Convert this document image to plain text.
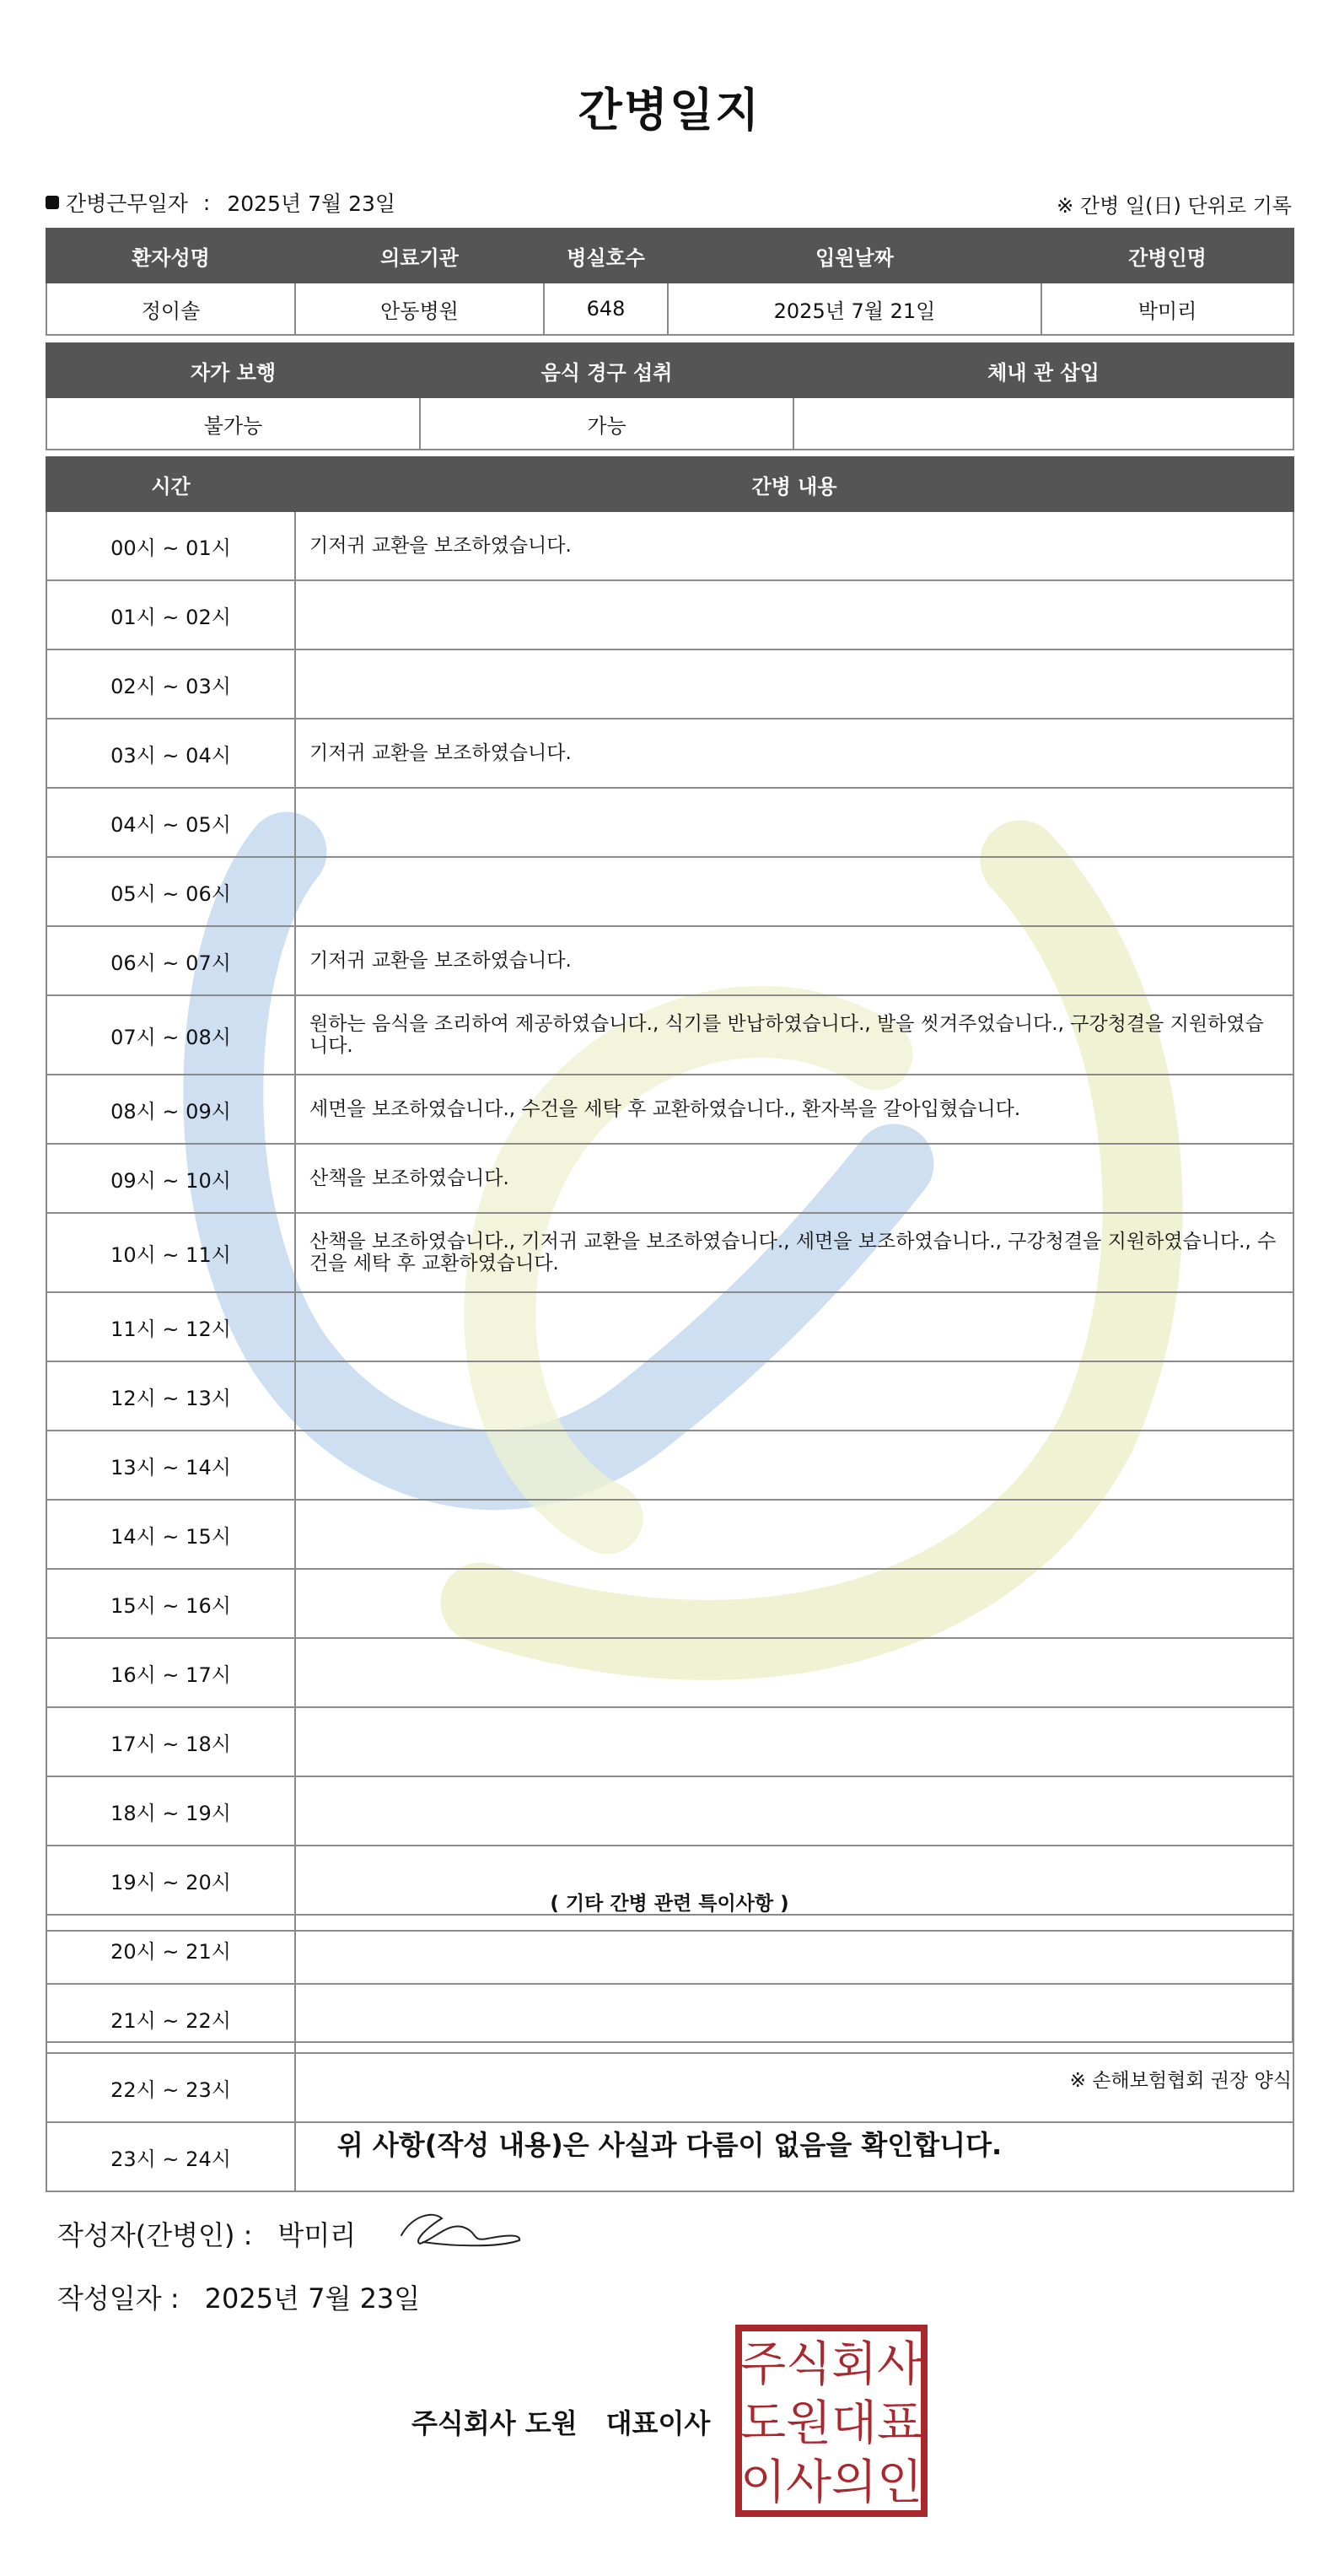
간병일지
간병근무일자 : 2025년 7월 23일	※ 간병 일(日) 단위로 기록
환자성명	의료기관	병실호수	입원날짜	간병인명
정이솔	안동병원	648	2025년 7월 21일	박미리
자가 보행	음식 경구 섭취	체내 관 삽입
불가능	가능	
시간	간병 내용
00시 ~ 01시	기저귀 교환을 보조하였습니다.
01시 ~ 02시	
02시 ~ 03시	
03시 ~ 04시	기저귀 교환을 보조하였습니다.
04시 ~ 05시	
05시 ~ 06시	
06시 ~ 07시	기저귀 교환을 보조하였습니다.
07시 ~ 08시	원하는 음식을 조리하여 제공하였습니다., 식기를 반납하였습니다., 발을 씻겨주었습니다., 구강청결을 지원하였습니다.
08시 ~ 09시	세면을 보조하였습니다., 수건을 세탁 후 교환하였습니다., 환자복을 갈아입혔습니다.
09시 ~ 10시	산책을 보조하였습니다.
10시 ~ 11시	산책을 보조하였습니다., 기저귀 교환을 보조하였습니다., 세면을 보조하였습니다., 구강청결을 지원하였습니다., 수건을 세탁 후 교환하였습니다.
11시 ~ 12시	
12시 ~ 13시	
13시 ~ 14시	
14시 ~ 15시	
15시 ~ 16시	
16시 ~ 17시	
17시 ~ 18시	
18시 ~ 19시	
19시 ~ 20시	
20시 ~ 21시	
21시 ~ 22시	
22시 ~ 23시	
23시 ~ 24시	
( 기타 간병 관련 특이사항 )
※ 손해보험협회 권장 양식
위 사항(작성 내용)은 사실과 다름이 없음을 확인합니다.
작성자(간병인) : 박미리
작성일자 : 2025년 7월 23일
주식회사 도원 대표이사
주 식 회 사
도 원 대 표
이 사 의 인
